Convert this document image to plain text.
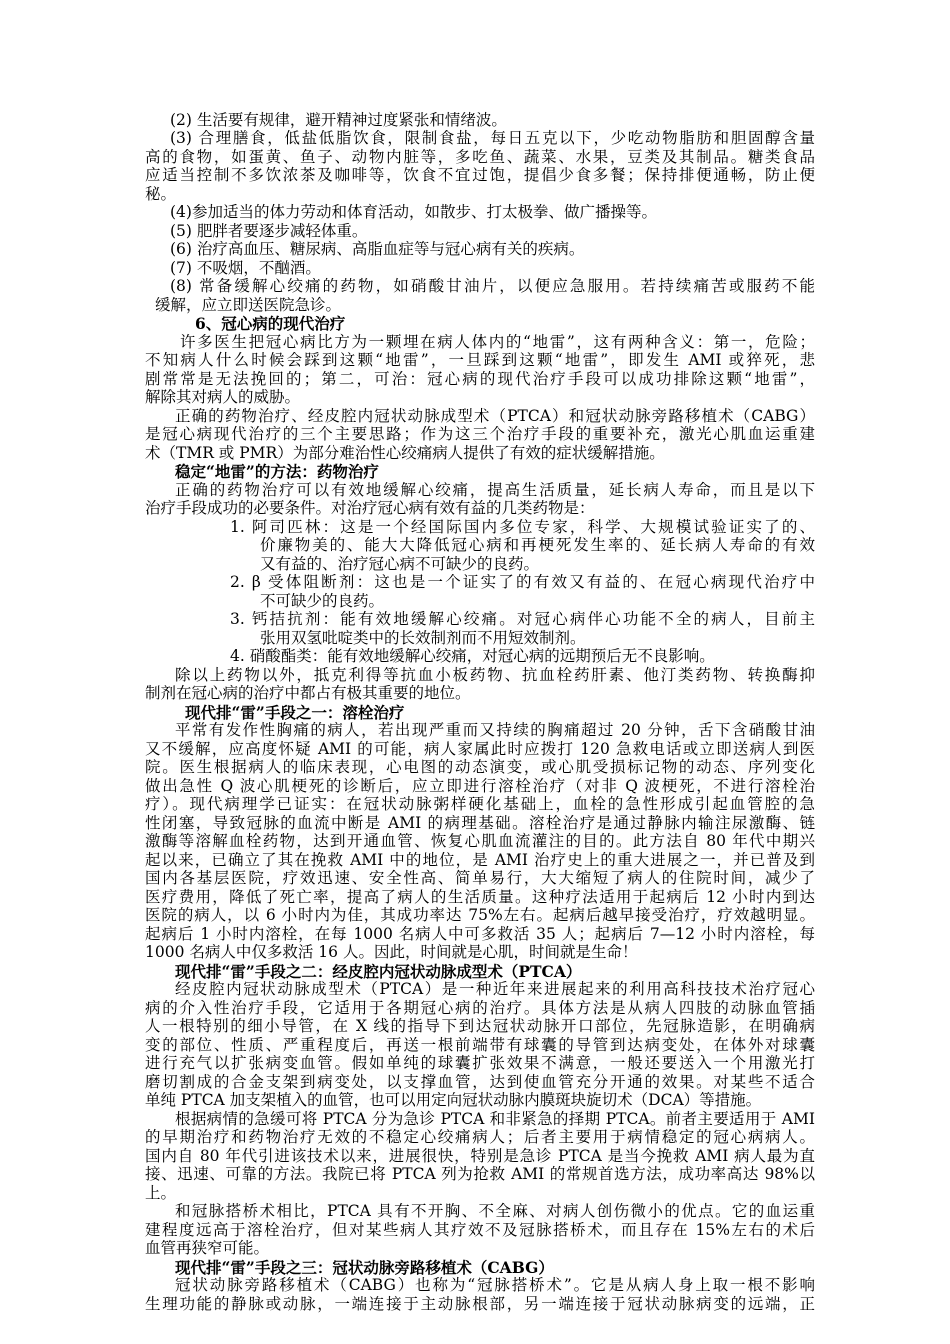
(2) 生活要有规律，避开精神过度紧张和情绪波。
(3) 合理膳食，低盐低脂饮食，限制食盐，每日五克以下，少吃动物脂肪和胆固醇含量
高的食物，如蛋黄、鱼子、动物内脏等，多吃鱼、蔬菜、水果，豆类及其制品。糖类食品
应适当控制不多饮浓茶及咖啡等，饮食不宜过饱，提倡少食多餐；保持排便通畅，防止便
秘。
(4)参加适当的体力劳动和体育活动，如散步、打太极拳、做广播操等。
(5) 肥胖者要逐步减轻体重。
(6) 治疗高血压、糖尿病、高脂血症等与冠心病有关的疾病。
(7) 不吸烟，不酗酒。
(8) 常备缓解心绞痛的药物，如硝酸甘油片，以便应急服用。若持续痛苦或服药不能
缓解，应立即送医院急诊。
6、冠心病的现代治疗
许多医生把冠心病比方为一颗埋在病人体内的“地雷”，这有两种含义：第一，危险；
不知病人什么时候会踩到这颗“地雷”，一旦踩到这颗“地雷”，即发生 AMI 或猝死，悲
剧常常是无法挽回的；第二，可治：冠心病的现代治疗手段可以成功排除这颗“地雷”，
解除其对病人的威胁。
正确的药物治疗、经皮腔内冠状动脉成型术（PTCA）和冠状动脉旁路移植术（CABG）
是冠心病现代治疗的三个主要思路；作为这三个治疗手段的重要补充，激光心肌血运重建
术（TMR 或 PMR）为部分难治性心绞痛病人提供了有效的症状缓解措施。
稳定“地雷”的方法：药物治疗
正确的药物治疗可以有效地缓解心绞痛，提高生活质量，延长病人寿命，而且是以下
治疗手段成功的必要条件。对治疗冠心病有效有益的几类药物是：
1. 阿司匹林：这是一个经国际国内多位专家，科学、大规模试验证实了的、
价廉物美的、能大大降低冠心病和再梗死发生率的、延长病人寿命的有效
又有益的、治疗冠心病不可缺少的良药。
2. β 受体阻断剂：这也是一个证实了的有效又有益的、在冠心病现代治疗中
不可缺少的良药。
3. 钙拮抗剂：能有效地缓解心绞痛。对冠心病伴心功能不全的病人，目前主
张用双氢吡啶类中的长效制剂而不用短效制剂。
4. 硝酸酯类：能有效地缓解心绞痛，对冠心病的远期预后无不良影响。
除以上药物以外，抵克利得等抗血小板药物、抗血栓药肝素、他汀类药物、转换酶抑
制剂在冠心病的治疗中都占有极其重要的地位。
现代排“雷”手段之一：溶栓治疗
平常有发作性胸痛的病人，若出现严重而又持续的胸痛超过 20 分钟，舌下含硝酸甘油
又不缓解，应高度怀疑 AMI 的可能，病人家属此时应拨打 120 急救电话或立即送病人到医
院。医生根据病人的临床表现，心电图的动态演变，或心肌受损标记物的动态、序列变化
做出急性 Q 波心肌梗死的诊断后，应立即进行溶栓治疗（对非 Q 波梗死，不进行溶栓治
疗）。现代病理学已证实：在冠状动脉粥样硬化基础上，血栓的急性形成引起血管腔的急
性闭塞，导致冠脉的血流中断是 AMI 的病理基础。溶栓治疗是通过静脉内输注尿激酶、链
激酶等溶解血栓药物，达到开通血管、恢复心肌血流灌注的目的。此方法自 80 年代中期兴
起以来，已确立了其在挽救 AMI 中的地位，是 AMI 治疗史上的重大进展之一，并已普及到
国内各基层医院，疗效迅速、安全性高、简单易行，大大缩短了病人的住院时间，减少了
医疗费用，降低了死亡率，提高了病人的生活质量。这种疗法适用于起病后 12 小时内到达
医院的病人，以 6 小时内为佳，其成功率达 75%左右。起病后越早接受治疗，疗效越明显。
起病后 1 小时内溶栓，在每 1000 名病人中可多救活 35 人；起病后 7—12 小时内溶栓，每
1000 名病人中仅多救活 16 人。因此，时间就是心肌，时间就是生命！
现代排“雷”手段之二：经皮腔内冠状动脉成型术（PTCA）
经皮腔内冠状动脉成型术（PTCA）是一种近年来进展起来的利用高科技技术治疗冠心
病的介入性治疗手段，它适用于各期冠心病的治疗。具体方法是从病人四肢的动脉血管插
人一根特别的细小导管，在 X 线的指导下到达冠状动脉开口部位，先冠脉造影，在明确病
变的部位、性质、严重程度后，再送一根前端带有球囊的导管到达病变处，在体外对球囊
进行充气以扩张病变血管。假如单纯的球囊扩张效果不满意，一般还要送入一个用激光打
磨切割成的合金支架到病变处，以支撑血管，达到使血管充分开通的效果。对某些不适合
单纯 PTCA 加支架植入的血管，也可以用定向冠状动脉内膜斑块旋切术（DCA）等措施。
根据病情的急缓可将 PTCA 分为急诊 PTCA 和非紧急的择期 PTCA。前者主要适用于 AMI
的早期治疗和药物治疗无效的不稳定心绞痛病人；后者主要用于病情稳定的冠心病病人。
国内自 80 年代引进该技术以来，进展很快，特别是急诊 PTCA 是当今挽救 AMI 病人最为直
接、迅速、可靠的方法。我院已将 PTCA 列为抢救 AMI 的常规首选方法，成功率高达 98%以
上。
和冠脉搭桥术相比，PTCA 具有不开胸、不全麻、对病人创伤微小的优点。它的血运重
建程度远高于溶栓治疗，但对某些病人其疗效不及冠脉搭桥术，而且存在 15%左右的术后
血管再狭窄可能。
现代排“雷”手段之三：冠状动脉旁路移植术（CABG）
冠状动脉旁路移植术（CABG）也称为“冠脉搭桥术”。它是从病人身上取一根不影响
生理功能的静脉或动脉，一端连接于主动脉根部，另一端连接于冠状动脉病变的远端，正
